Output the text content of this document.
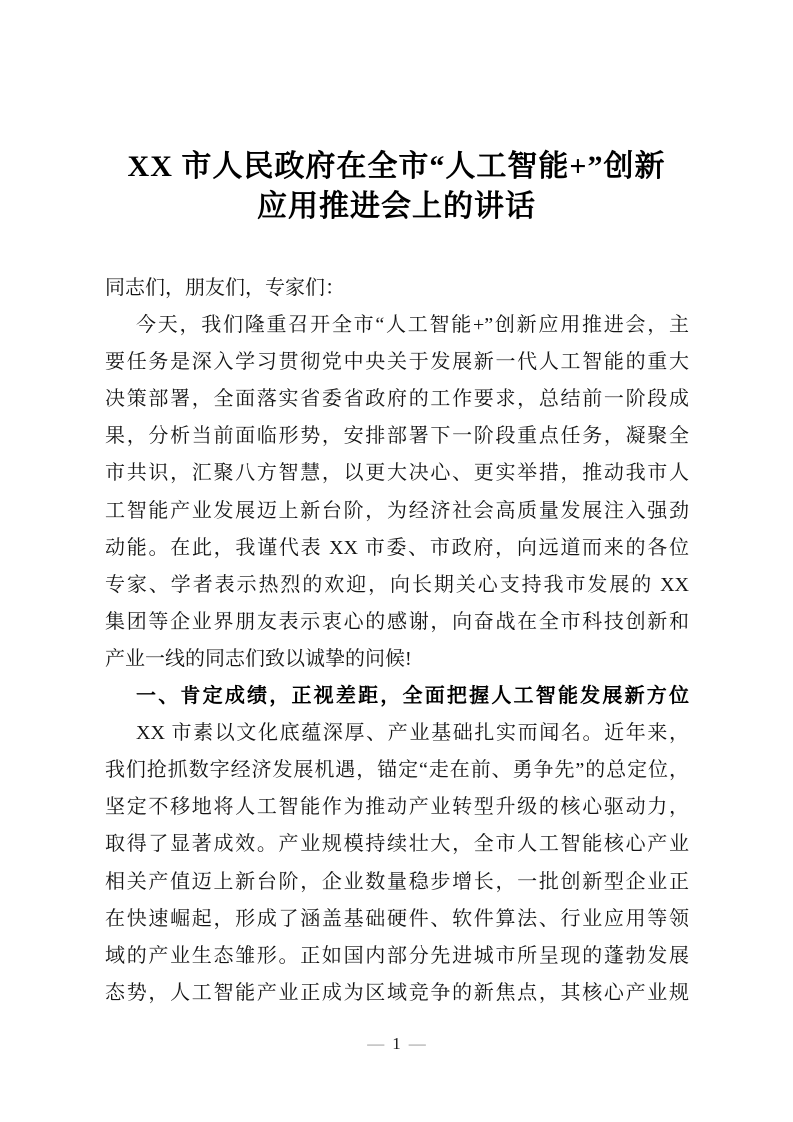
XX 市人民政府在全市“人工智能+”创新
应用推进会上的讲话
同志们，朋友们，专家们：
今天，我们隆重召开全市“人工智能+”创新应用推进会，主
要任务是深入学习贯彻党中央关于发展新一代人工智能的重大
决策部署，全面落实省委省政府的工作要求，总结前一阶段成
果，分析当前面临形势，安排部署下一阶段重点任务，凝聚全
市共识，汇聚八方智慧，以更大决心、更实举措，推动我市人
工智能产业发展迈上新台阶，为经济社会高质量发展注入强劲
动能。在此，我谨代表 XX 市委、市政府，向远道而来的各位
专家、学者表示热烈的欢迎，向长期关心支持我市发展的 XX
集团等企业界朋友表示衷心的感谢，向奋战在全市科技创新和
产业一线的同志们致以诚挚的问候!
一、肯定成绩，正视差距，全面把握人工智能发展新方位
XX 市素以文化底蕴深厚、产业基础扎实而闻名。近年来，
我们抢抓数字经济发展机遇，锚定“走在前、勇争先”的总定位，
坚定不移地将人工智能作为推动产业转型升级的核心驱动力，
取得了显著成效。产业规模持续壮大，全市人工智能核心产业
相关产值迈上新台阶，企业数量稳步增长，一批创新型企业正
在快速崛起，形成了涵盖基础硬件、软件算法、行业应用等领
域的产业生态雏形。正如国内部分先进城市所呈现的蓬勃发展
态势，人工智能产业正成为区域竞争的新焦点，其核心产业规
— 1 —
